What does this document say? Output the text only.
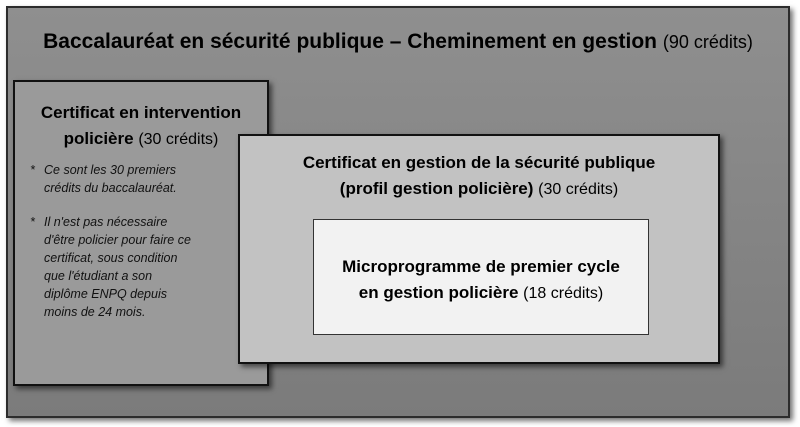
Baccalauréat en sécurité publique – Cheminement en gestion (90 crédits)
Certificat en intervention
policière (30 crédits)
* Ce sont les 30 premiers
crédits du baccalauréat.
* Il n'est pas nécessaire
d'être policier pour faire ce
certificat, sous condition
que l'étudiant a son
diplôme ENPQ depuis
moins de 24 mois.
Certificat en gestion de la sécurité publique
(profil gestion policière) (30 crédits)
Microprogramme de premier cycle
en gestion policière (18 crédits)
